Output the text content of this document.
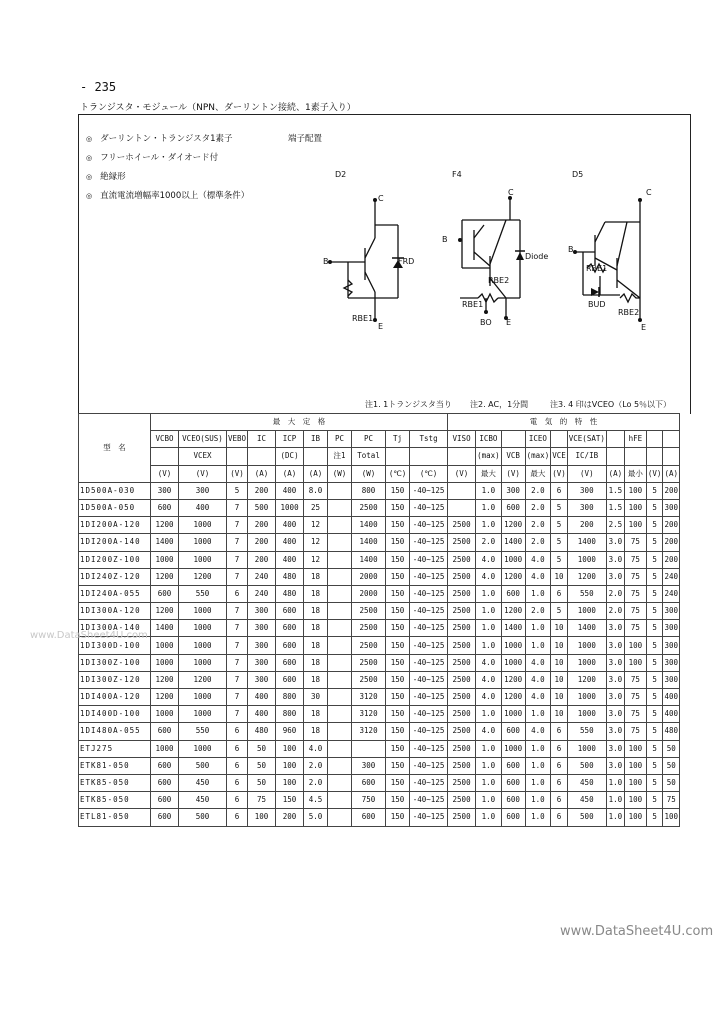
- 235
トランジスタ・モジュール（NPN、ダーリントン接続、1素子入り）
◎ ダーリントン・トランジスタ1素子
◎ フリーホイール・ダイオード付
◎ 絶縁形
◎ 直流電流増幅率1000以上（標準条件）
端子配置
D2
C
B	FRD
RBE1
E
F4
C
B
Diode
RBE2
RBE1
BO E
D5
C
B
RBE1
BUD
RBE2
E
注1. 1トランジスタ当り 注2. AC，1分間	注3. 4 印はVCEO（Lo 5％以下）
型　名	最　大　定　格										電　気　的　特　性									
	VCBO	VCEO(SUS)	VEBO	IC	ICP	IB	PC	PC	Tj	Tstg	VISO	ICBO		ICEO		VCE(SAT)		hFE		
		VCEX			(DC)		注1	Total				(max)	VCB	(max)	VCE	IC/IB				
	(V)	(V)	(V)	(A)	(A)	(A)	(W)	(W)	(℃)	(℃)	(V)	最大	(V)	最大	(V)	(V)	(A)	最小	(V)	(A)
1D500A-030	300	300	5	200	400	8.0		800	150	-40~125		1.0	300	2.0	6	300	1.5	100	5	200
1D500A-050	600	400	7	500	1000	25		2500	150	-40~125		1.0	600	2.0	5	300	1.5	100	5	300
1DI200A-120	1200	1000	7	200	400	12		1400	150	-40~125	2500	1.0	1200	2.0	5	200	2.5	100	5	200
1DI200A-140	1400	1000	7	200	400	12		1400	150	-40~125	2500	2.0	1400	2.0	5	1400	3.0	75	5	200
1DI200Z-100	1000	1000	7	200	400	12		1400	150	-40~125	2500	4.0	1000	4.0	5	1000	3.0	75	5	200
1DI240Z-120	1200	1200	7	240	480	18		2000	150	-40~125	2500	4.0	1200	4.0	10	1200	3.0	75	5	240
1DI240A-055	600	550	6	240	480	18		2000	150	-40~125	2500	1.0	600	1.0	6	550	2.0	75	5	240
1DI300A-120	1200	1000	7	300	600	18		2500	150	-40~125	2500	1.0	1200	2.0	5	1000	2.0	75	5	300
1DI300A-140	1400	1000	7	300	600	18		2500	150	-40~125	2500	1.0	1400	1.0	10	1400	3.0	75	5	300
1DI300D-100	1000	1000	7	300	600	18		2500	150	-40~125	2500	1.0	1000	1.0	10	1000	3.0	100	5	300
1DI300Z-100	1000	1000	7	300	600	18		2500	150	-40~125	2500	4.0	1000	4.0	10	1000	3.0	100	5	300
1DI300Z-120	1200	1200	7	300	600	18		2500	150	-40~125	2500	4.0	1200	4.0	10	1200	3.0	75	5	300
1DI400A-120	1200	1000	7	400	800	30		3120	150	-40~125	2500	4.0	1200	4.0	10	1000	3.0	75	5	400
1DI400D-100	1000	1000	7	400	800	18		3120	150	-40~125	2500	1.0	1000	1.0	10	1000	3.0	75	5	400
1DI480A-055	600	550	6	480	960	18		3120	150	-40~125	2500	4.0	600	4.0	6	550	3.0	75	5	480
ETJ275	1000	1000	6	50	100	4.0			150	-40~125	2500	1.0	1000	1.0	6	1000	3.0	100	5	50
ETK81-050	600	500	6	50	100	2.0		300	150	-40~125	2500	1.0	600	1.0	6	500	3.0	100	5	50
ETK85-050	600	450	6	50	100	2.0		600	150	-40~125	2500	1.0	600	1.0	6	450	1.0	100	5	50
ETK85-050	600	450	6	75	150	4.5		750	150	-40~125	2500	1.0	600	1.0	6	450	1.0	100	5	75
ETL81-050	600	500	6	100	200	5.0		600	150	-40~125	2500	1.0	600	1.0	6	500	1.0	100	5	100
www.DataSheet4U.com
www.DataSheet4U.com
